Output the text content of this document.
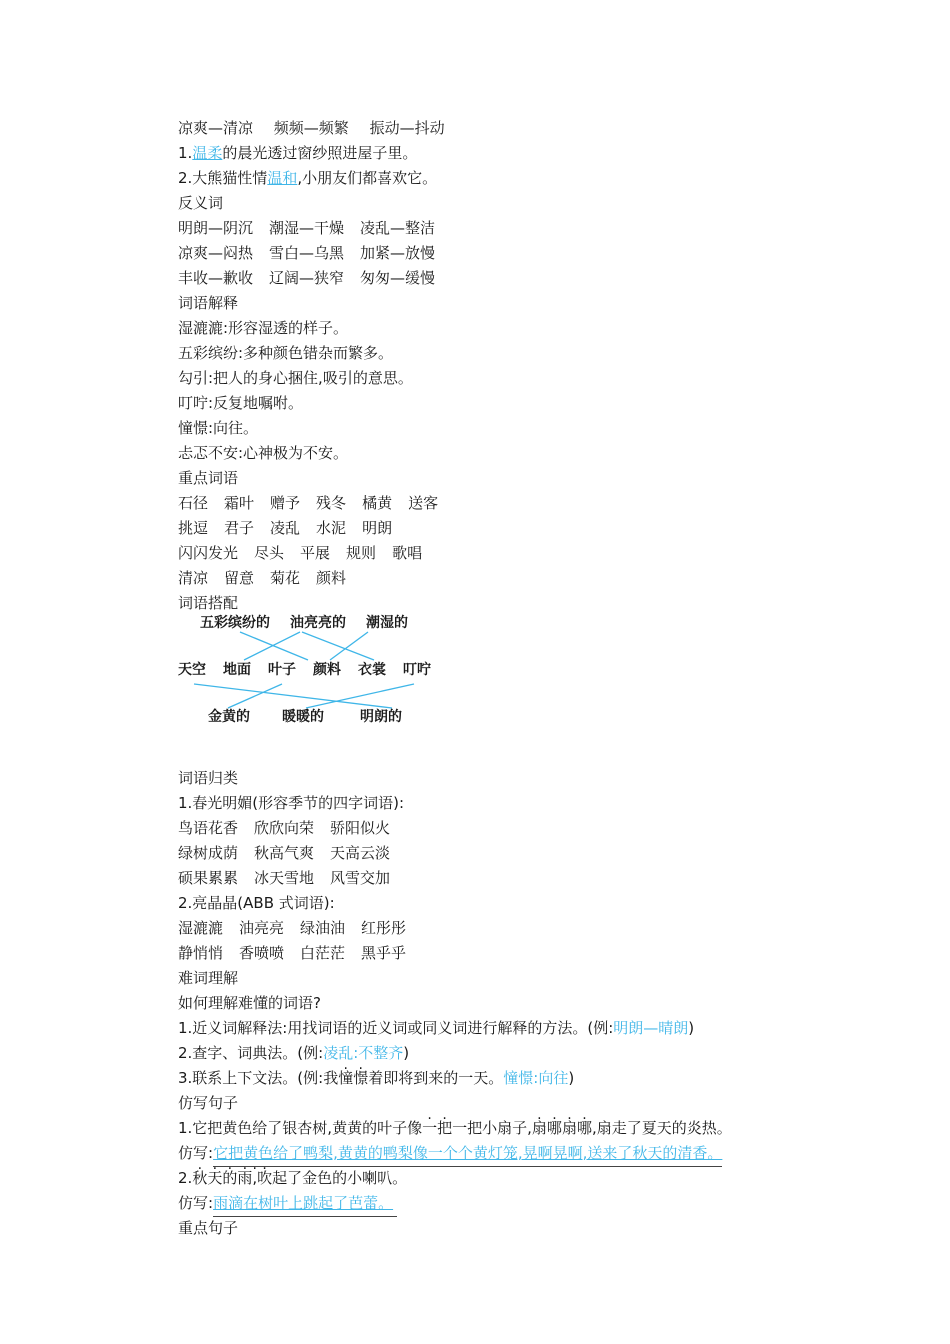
凉爽—清凉 频频—频繁 振动—抖动
1.温柔的晨光透过窗纱照进屋子里。
2.大熊猫性情温和,小朋友们都喜欢它。
反义词
明朗—阴沉 潮湿—干燥 凌乱—整洁
凉爽—闷热 雪白—乌黑 加紧—放慢
丰收—歉收 辽阔—狭窄 匆匆—缓慢
词语解释
湿漉漉:形容湿透的样子。
五彩缤纷:多种颜色错杂而繁多。
勾引:把人的身心捆住,吸引的意思。
叮咛:反复地嘱咐。
憧憬:向往。
忐忑不安:心神极为不安。
重点词语
石径 霜叶 赠予 残冬 橘黄 送客
挑逗 君子 凌乱 水泥 明朗
闪闪发光 尽头 平展 规则 歌唱
清凉 留意 菊花 颜料
词语搭配
五彩缤纷的 油亮亮的 潮湿的
天空 地面 叶子 颜料 衣裳 叮咛
金黄的 暖暖的	明朗的
词语归类
1.春光明媚(形容季节的四字词语):
鸟语花香 欣欣向荣 骄阳似火
绿树成荫 秋高气爽 天高云淡
硕果累累 冰天雪地 风雪交加
2.亮晶晶(ABB 式词语):
湿漉漉 油亮亮 绿油油 红彤彤
静悄悄 香喷喷 白茫茫 黑乎乎
难词理解
如何理解难懂的词语?
1.近义词解释法:用找词语的近义词或同义词进行解释的方法。(例:明朗—晴朗)
2.查字、词典法。(例:凌乱:不整齐)
3.联系上下文法。(例:我憧憬着即将到来的一天。憧憬:向往)
仿写句子
1.它把黄色给了银杏树,黄黄的叶子像一把一把小扇子,扇哪扇哪,扇走了夏天的炎热。
仿写:它把黄色给了鸭梨,黄黄的鸭梨像一个个黄灯笼,晃啊晃啊,送来了秋天的清香。
2.秋天的雨· ,吹起了金色的小喇叭。
仿写:雨滴在树叶上跳起了芭蕾。
重点句子
